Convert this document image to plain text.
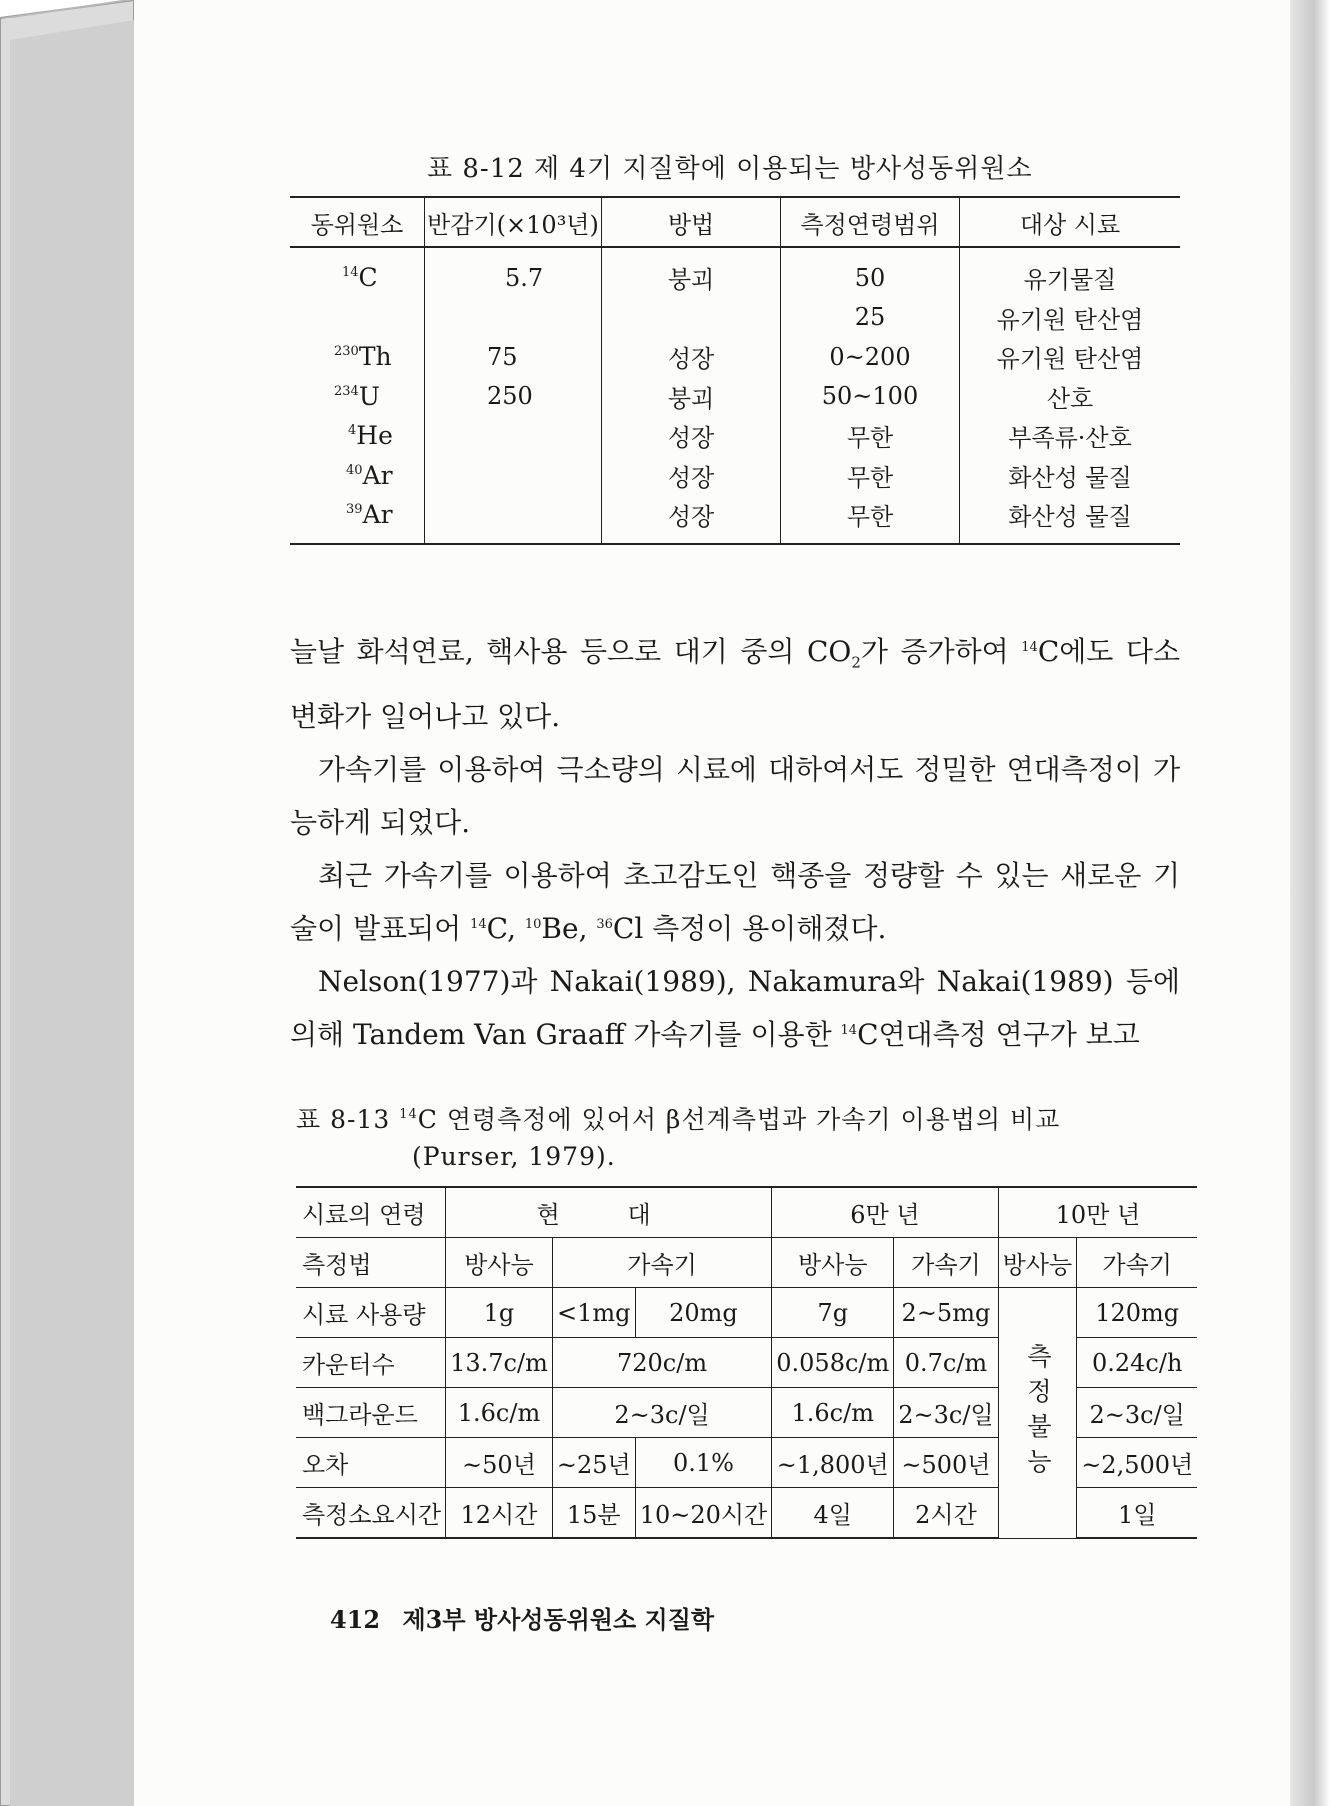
표 8-12 제 4기 지질학에 이용되는 방사성동위원소
동위원소	반감기(×10³년)	방법	측정연령범위	대상 시료
$^{14}$C	5.7	붕괴	50	유기물질
			25	유기원 탄산염
$^{230}$Th	75	성장	0~200	유기원 탄산염
$^{234}$U	250	붕괴	50~100	산호
$^4$He		성장	무한	부족류·산호
$^{40}$Ar		성장	무한	화산성 물질
$^{39}$Ar		성장	무한	화산성 물질

늘날 화석연료, 핵사용 등으로 대기 중의 $CO_2$가 증가하여 $^{14}$C에도 다소 변화가 일어나고 있다.

가속기를 이용하여 극소량의 시료에 대하여서도 정밀한 연대측정이 가능하게 되었다.

최근 가속기를 이용하여 초고감도인 핵종을 정량할 수 있는 새로운 기술이 발표되어 $^{14}$C, $^{10}$Be, $^{36}$Cl 측정이 용이해졌다.

Nelson(1977)과 Nakai(1989), Nakamura와 Nakai(1989) 등에 의해 Tandem Van Graaff 가속기를 이용한 $^{14}$C연대측정 연구가 보고

표 8-13 $^{14}$C 연령측정에 있어서 β선계측법과 가속기 이용법의 비교
(Purser, 1979).
시료의 연령	현 대			6만 년		10만 년	
측정법	방사능	가속기		방사능	가속기	방사능	가속기
시료 사용량	1g	<1mg	20mg	7g	2~5mg	측정불능	120mg
카운터수	13.7c/m	720c/m		0.058c/m	0.7c/m		0.24c/h
백그라운드	1.6c/m	2~3c/일		1.6c/m	2~3c/일		2~3c/일
오차	~50년	~25년	0.1%	~1,800년	~500년		~2,500년
측정소요시간	12시간	15분	10~20시간	4일	2시간		1일
412 제3부 방사성동위원소 지질학
